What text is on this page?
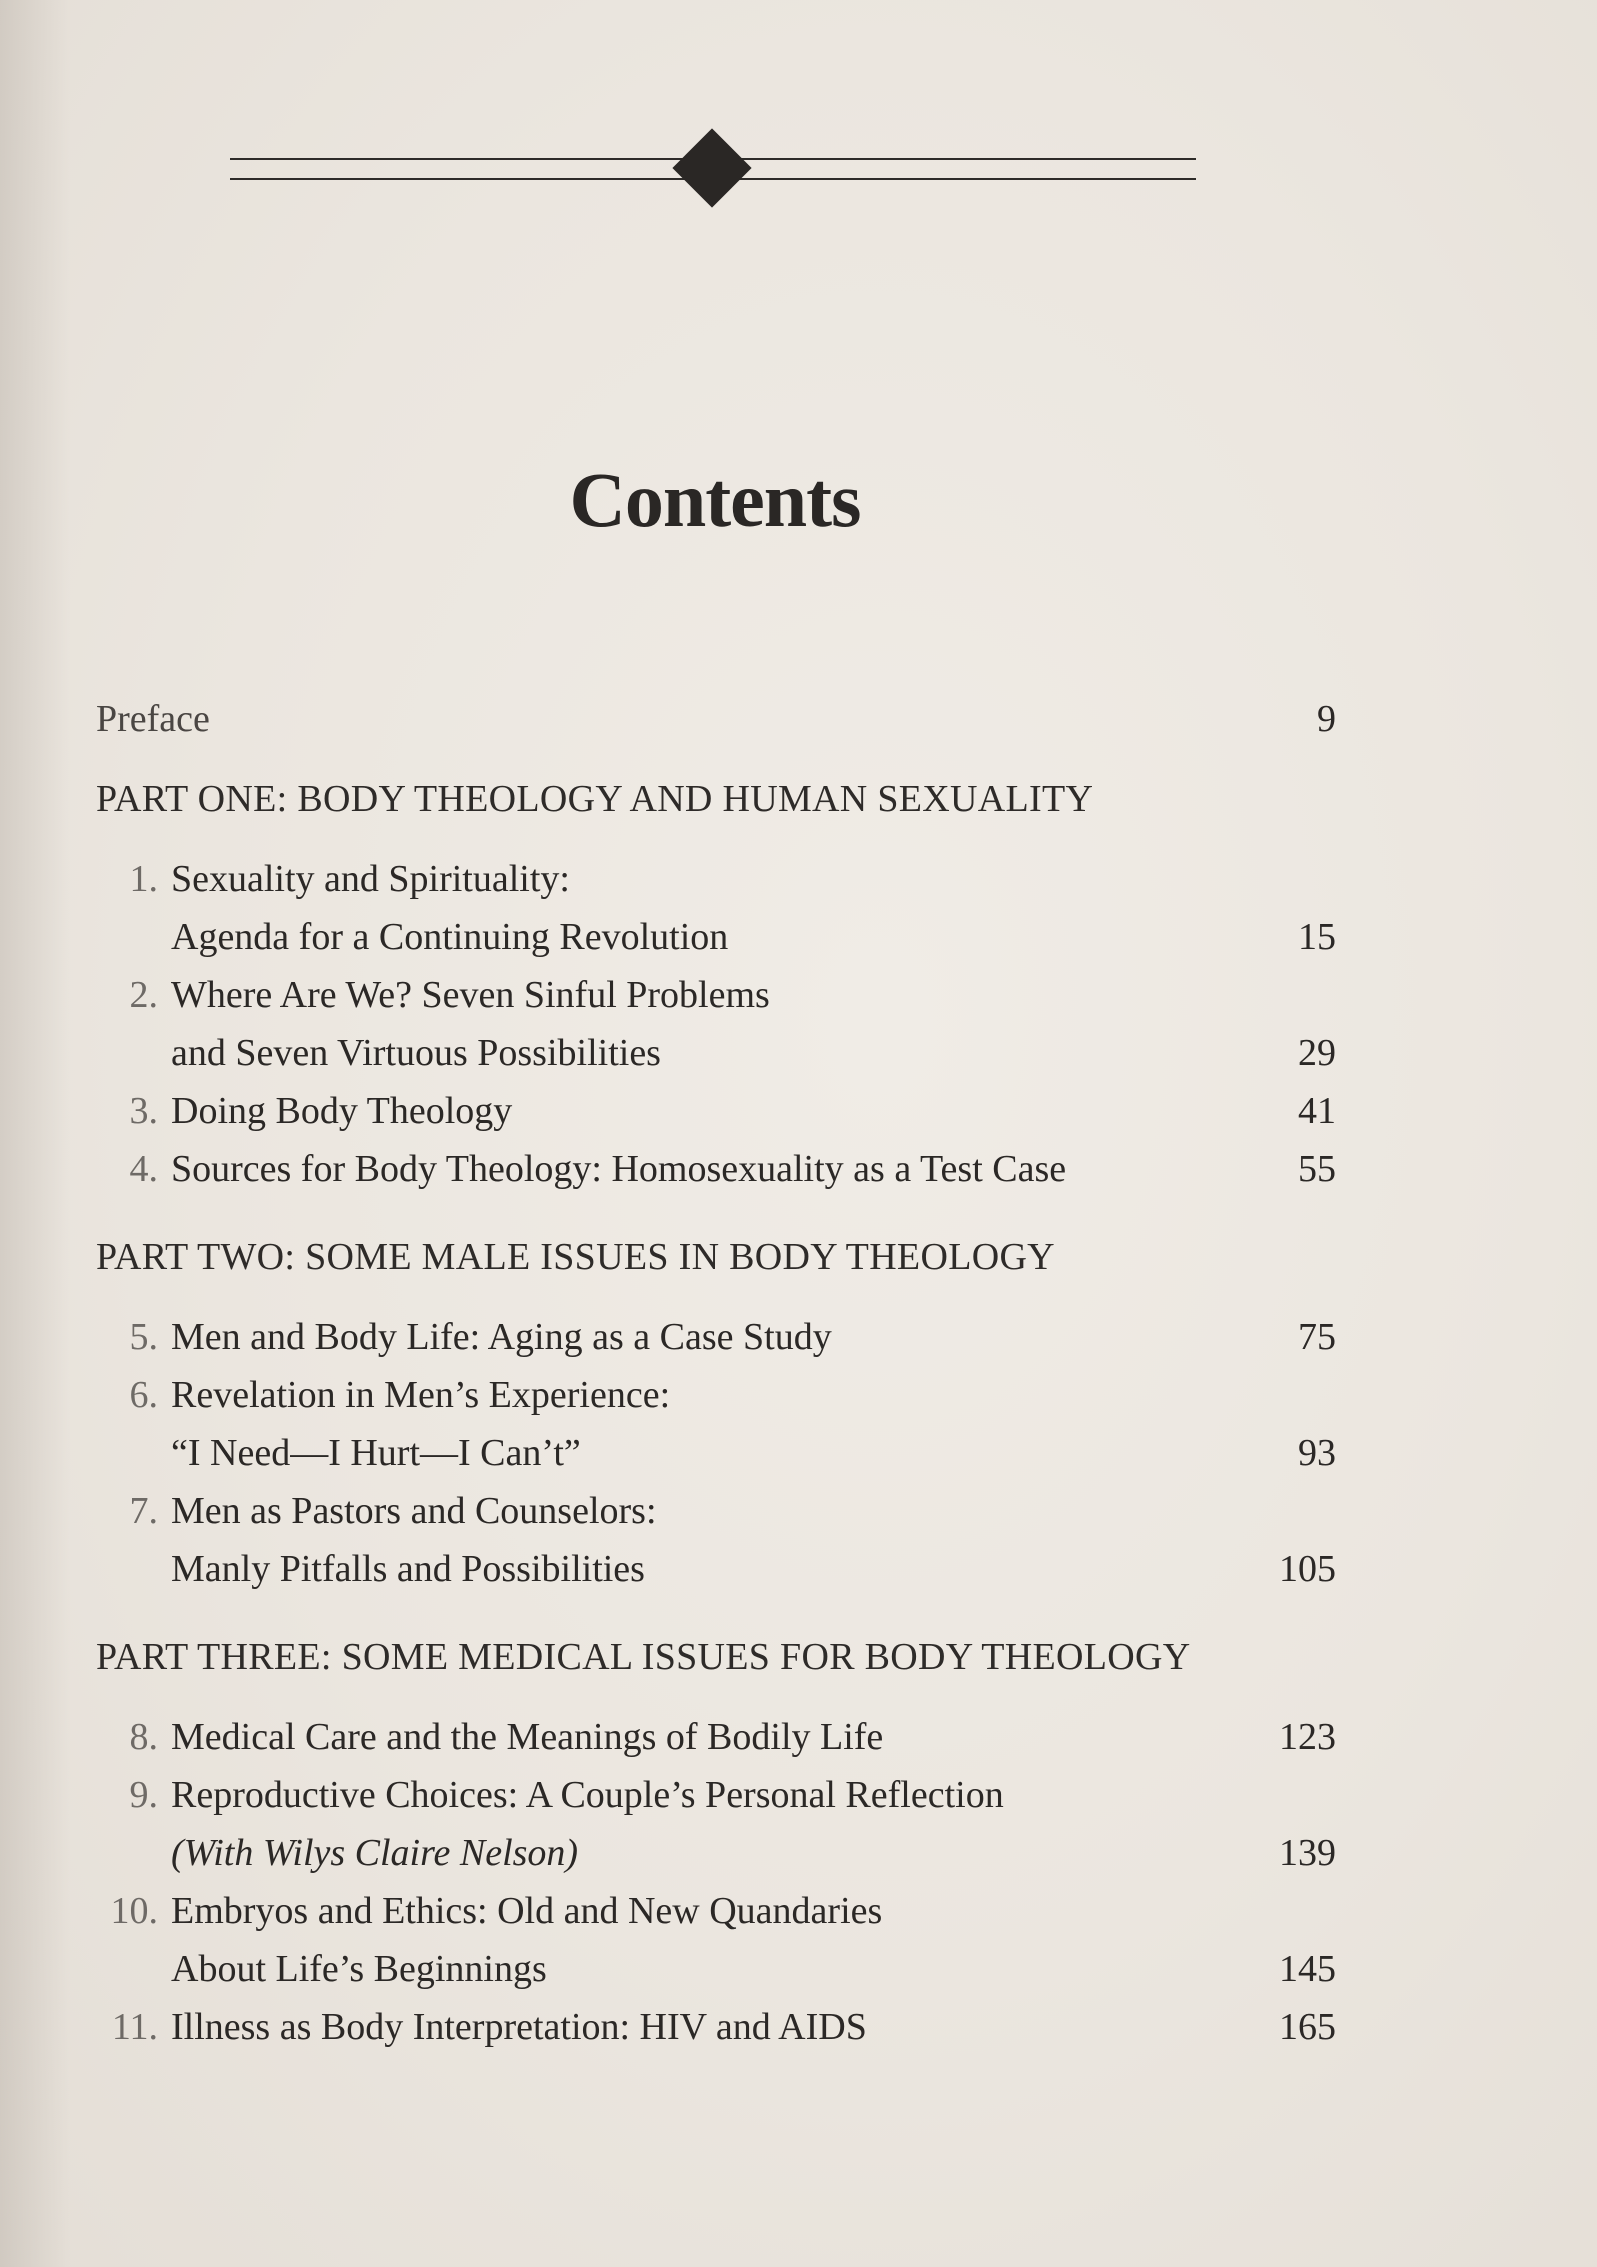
Contents
Preface	9
PART ONE: BODY THEOLOGY AND HUMAN SEXUALITY
1. Sexuality and Spirituality:
Agenda for a Continuing Revolution	15
2. Where Are We? Seven Sinful Problems
and Seven Virtuous Possibilities	29
3. Doing Body Theology	41
4. Sources for Body Theology: Homosexuality as a Test Case	55
PART TWO: SOME MALE ISSUES IN BODY THEOLOGY
5. Men and Body Life: Aging as a Case Study	75
6. Revelation in Men’s Experience:
“I Need—I Hurt—I Can’t”	93
7. Men as Pastors and Counselors:
Manly Pitfalls and Possibilities	105
PART THREE: SOME MEDICAL ISSUES FOR BODY THEOLOGY
8. Medical Care and the Meanings of Bodily Life	123
9. Reproductive Choices: A Couple’s Personal Reflection
(With Wilys Claire Nelson)	139
10. Embryos and Ethics: Old and New Quandaries
About Life’s Beginnings	145
11. Illness as Body Interpretation: HIV and AIDS	165
